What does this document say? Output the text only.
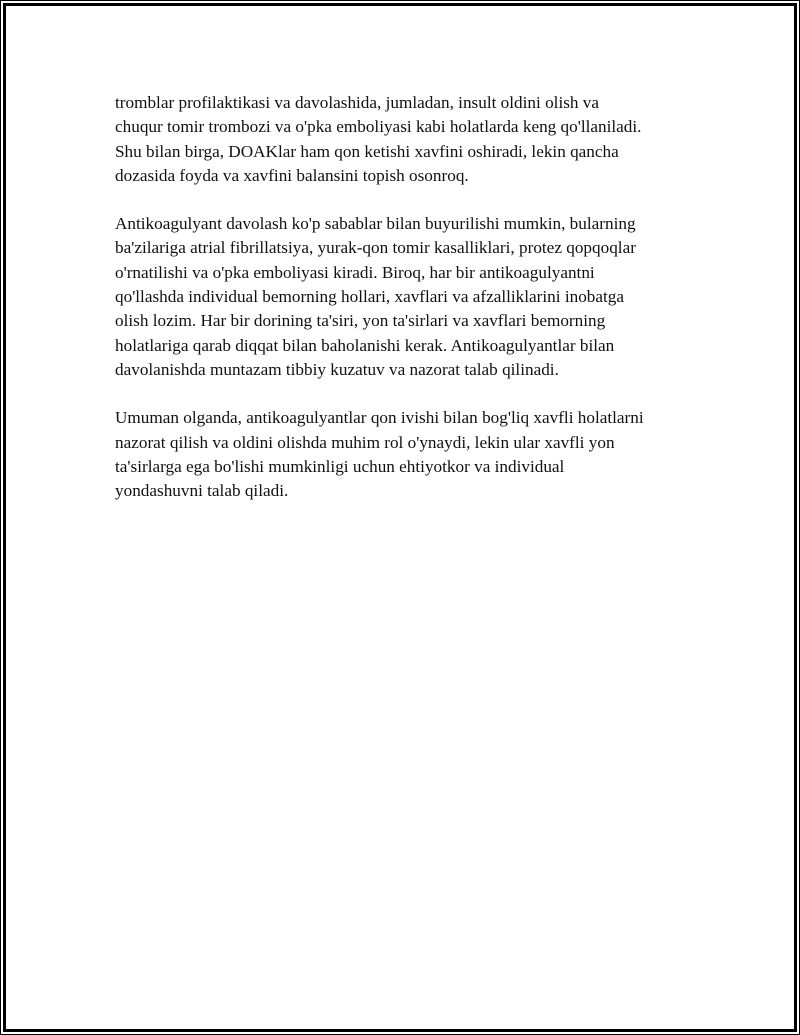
tromblar profilaktikasi va davolashida, jumladan, insult oldini olish va
chuqur tomir trombozi va o'pka emboliyasi kabi holatlarda keng qo'llaniladi.
Shu bilan birga, DOAKlar ham qon ketishi xavfini oshiradi, lekin qancha
dozasida foyda va xavfini balansini topish osonroq.

Antikoagulyant davolash ko'p sabablar bilan buyurilishi mumkin, bularning
ba'zilariga atrial fibrillatsiya, yurak-qon tomir kasalliklari, protez qopqoqlar
o'rnatilishi va o'pka emboliyasi kiradi. Biroq, har bir antikoagulyantni
qo'llashda individual bemorning hollari, xavflari va afzalliklarini inobatga
olish lozim. Har bir dorining ta'siri, yon ta'sirlari va xavflari bemorning
holatlariga qarab diqqat bilan baholanishi kerak. Antikoagulyantlar bilan
davolanishda muntazam tibbiy kuzatuv va nazorat talab qilinadi.

Umuman olganda, antikoagulyantlar qon ivishi bilan bog'liq xavfli holatlarni
nazorat qilish va oldini olishda muhim rol o'ynaydi, lekin ular xavfli yon
ta'sirlarga ega bo'lishi mumkinligi uchun ehtiyotkor va individual
yondashuvni talab qiladi.
